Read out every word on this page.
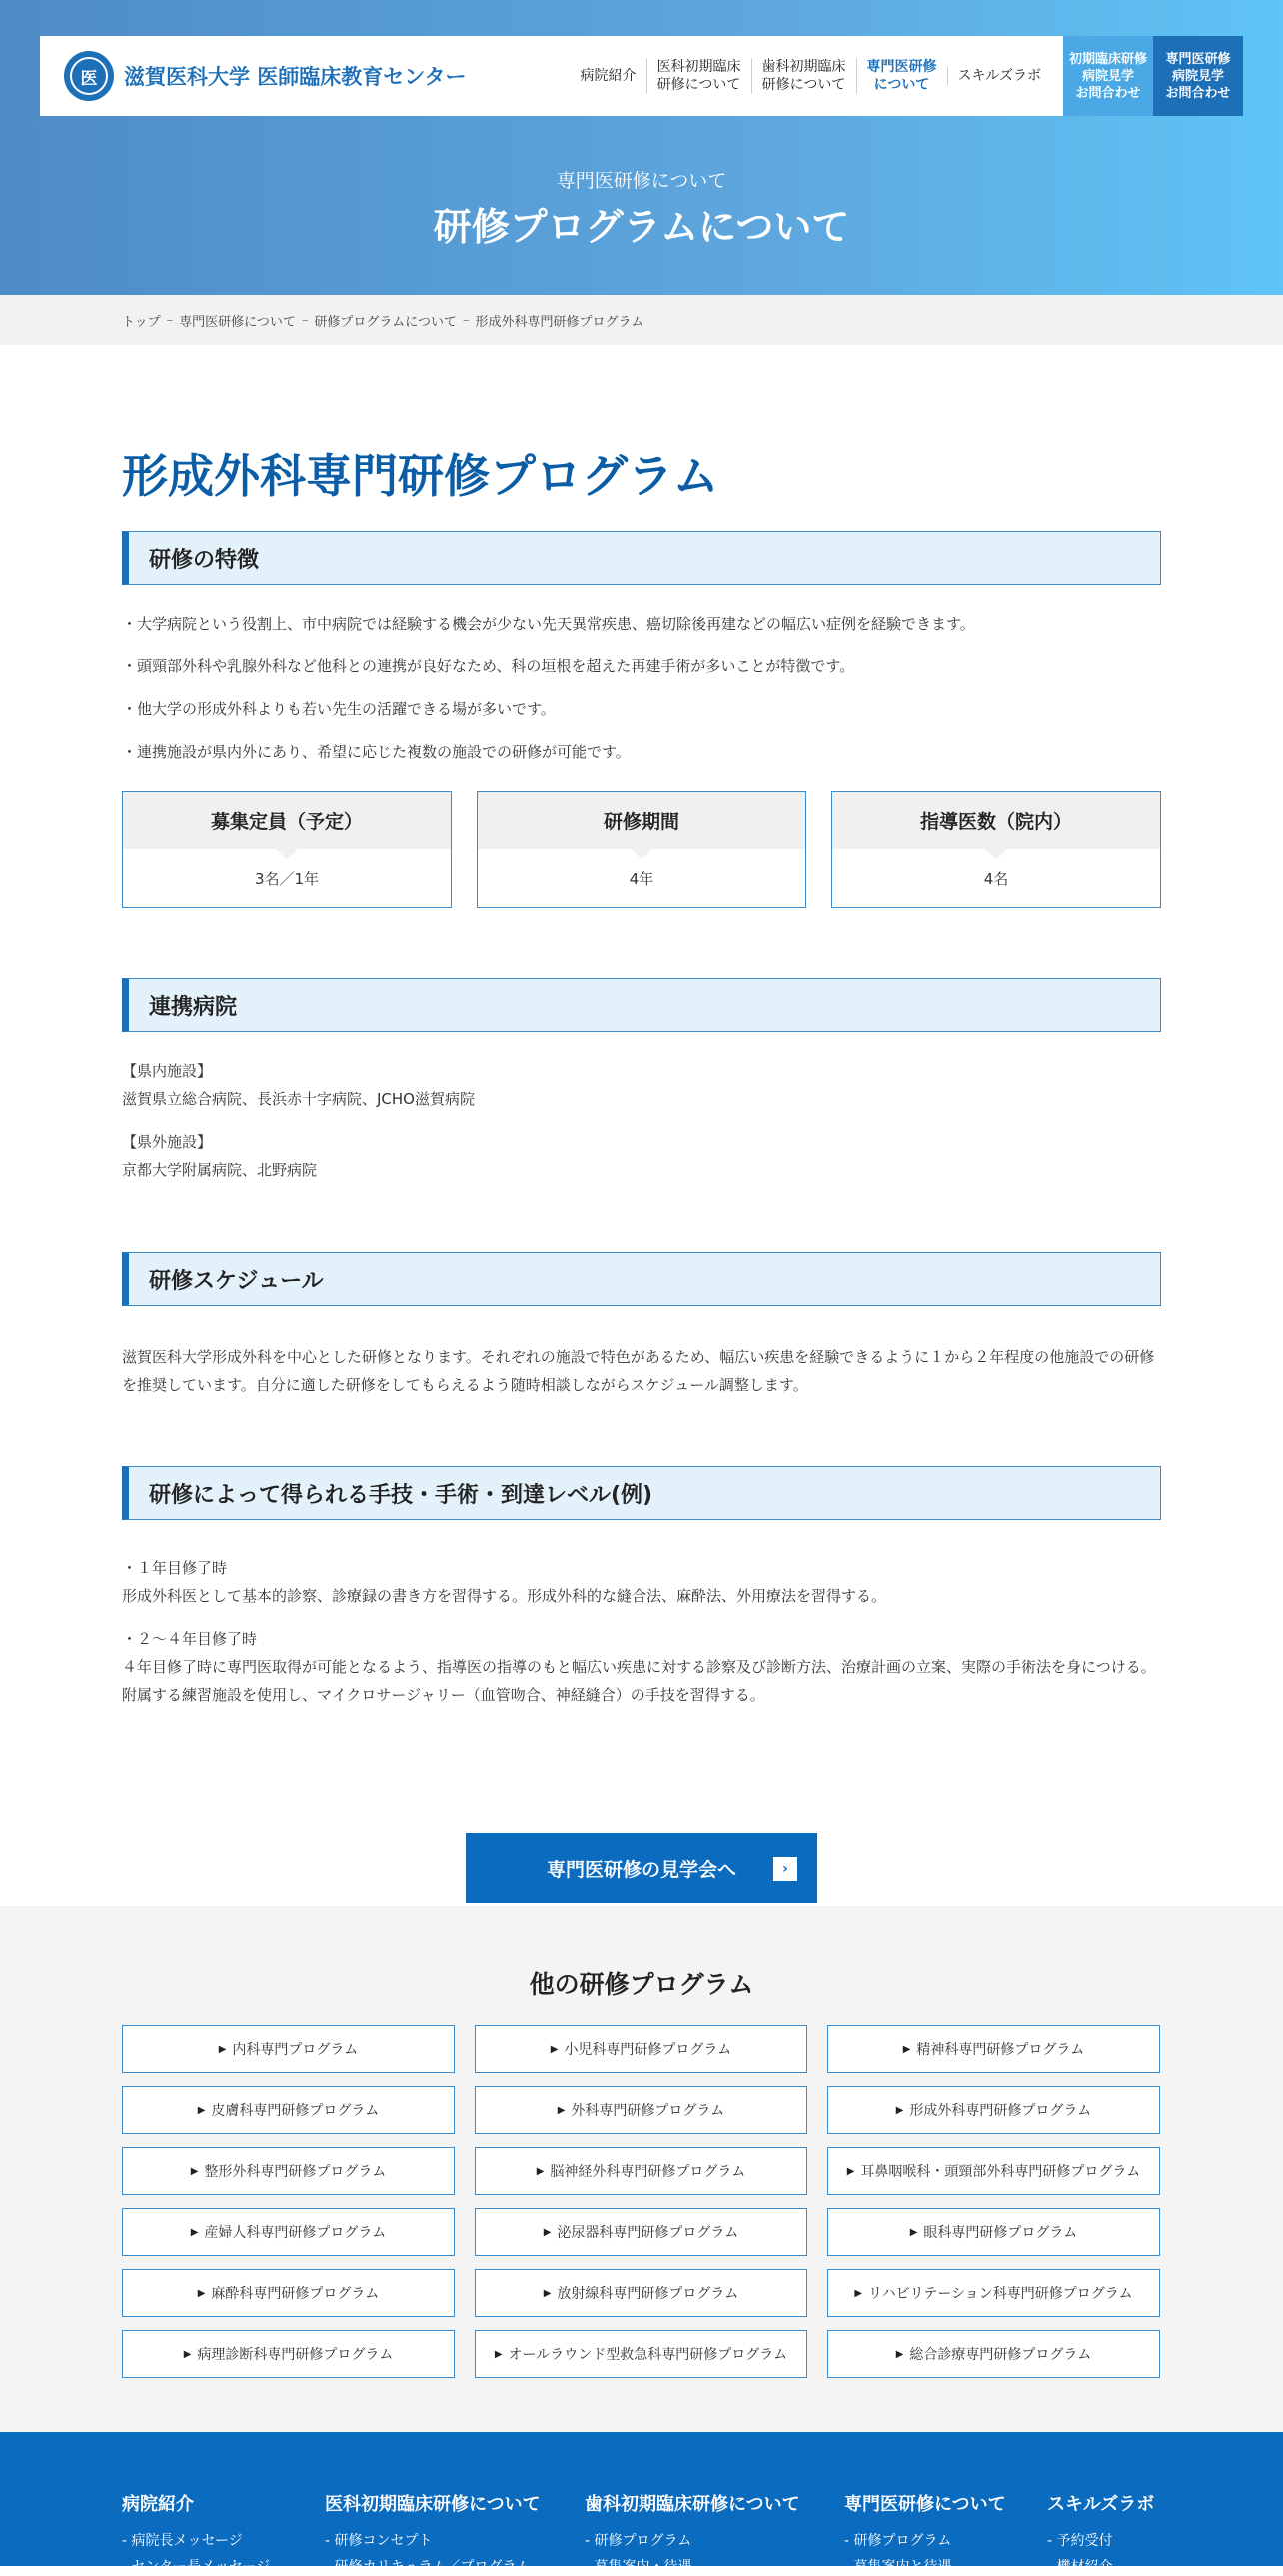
医	滋賀医科大学 医師臨床教育センター	病院紹介
医科初期臨床
研修について
歯科初期臨床
研修について
専門医研修
について
スキルズラボ
初期臨床研修
病院見学
お問合わせ
専門医研修
病院見学
お問合わせ
専門医研修について
研修プログラムについて
トップ – 専門医研修について – 研修プログラムについて – 形成外科専門研修プログラム
形成外科専門研修プログラム
研修の特徴
・大学病院という役割上、市中病院では経験する機会が少ない先天異常疾患、癌切除後再建などの幅広い症例を経験できます。
・頭頸部外科や乳腺外科など他科との連携が良好なため、科の垣根を超えた再建手術が多いことが特徴です。
・他大学の形成外科よりも若い先生の活躍できる場が多いです。
・連携施設が県内外にあり、希望に応じた複数の施設での研修が可能です。
募集定員（予定）
3名／1年
研修期間
4年
指導医数（院内）
4名
連携病院
【県内施設】
滋賀県立総合病院、長浜赤十字病院、JCHO滋賀病院
【県外施設】
京都大学附属病院、北野病院
研修スケジュール
滋賀医科大学形成外科を中心とした研修となります。それぞれの施設で特色があるため、幅広い疾患を経験できるように１から２年程度の他施設での研修を推奨しています。自分に適した研修をしてもらえるよう随時相談しながらスケジュール調整します。
研修によって得られる手技・手術・到達レベル(例)
・１年目修了時
形成外科医として基本的診察、診療録の書き方を習得する。形成外科的な縫合法、麻酔法、外用療法を習得する。
・２～４年目修了時
４年目修了時に専門医取得が可能となるよう、指導医の指導のもと幅広い疾患に対する診察及び診断方法、治療計画の立案、実際の手術法を身につける。附属する練習施設を使用し、マイクロサージャリー（血管吻合、神経縫合）の手技を習得する。
専門医研修の見学会へ	›
他の研修プログラム
▶ 内科専門プログラム	▶ 小児科専門研修プログラム	▶ 精神科専門研修プログラム
▶ 皮膚科専門研修プログラム	▶ 外科専門研修プログラム	▶ 形成外科専門研修プログラム
▶ 整形外科専門研修プログラム	▶ 脳神経外科専門研修プログラム	▶ 耳鼻咽喉科・頭頸部外科専門研修プログラム
▶ 産婦人科専門研修プログラム	▶ 泌尿器科専門研修プログラム	▶ 眼科専門研修プログラム
▶ 麻酔科専門研修プログラム	▶ 放射線科専門研修プログラム	▶ リハビリテーション科専門研修プログラム
▶ 病理診断科専門研修プログラム	▶ オールラウンド型救急科専門研修プログラム	▶ 総合診療専門研修プログラム
病院紹介
- 病院長メッセージ
- センター長メッセージ
医科初期臨床研修について
- 研修コンセプト
- 研修カリキュラム／プログラム
歯科初期臨床研修について
- 研修プログラム
- 募集案内・待遇
専門医研修について
- 研修プログラム
- 募集案内と待遇
スキルズラボ
- 予約受付
- 機材紹介
